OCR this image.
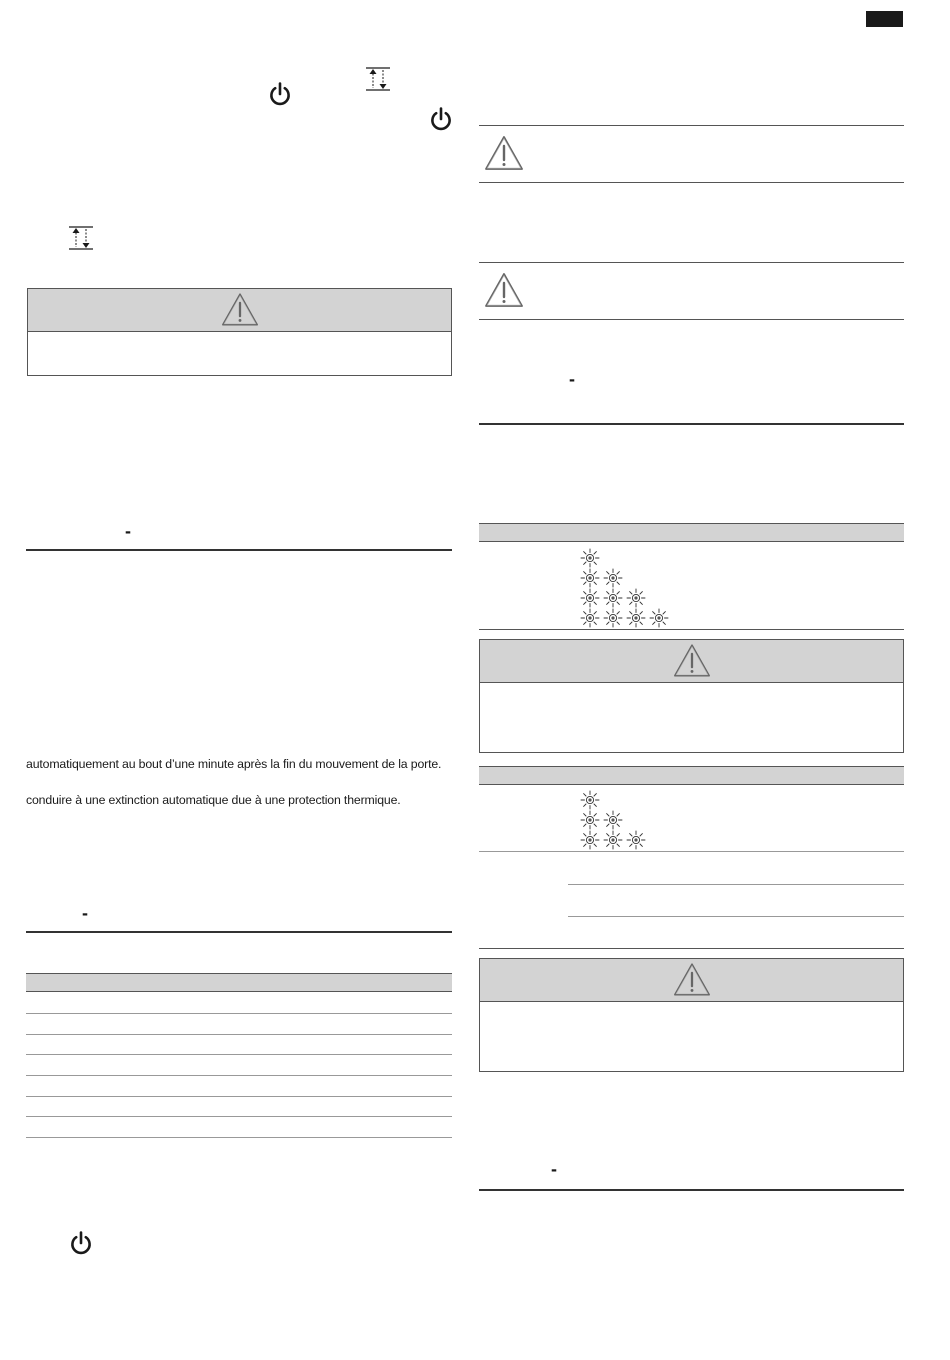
-
automatiquement au bout d’une minute après la fin du mouvement de la porte.
conduire à une extinction automatique due à une protection thermique.
-
-
-
